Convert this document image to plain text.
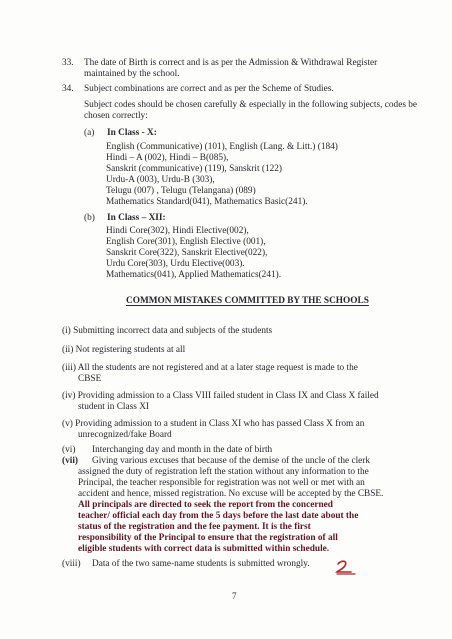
33. The date of Birth is correct and is as per the Admission & Withdrawal Register
maintained by the school.
34. Subject combinations are correct and as per the Scheme of Studies.
Subject codes should be chosen carefully & especially in the following subjects, codes be
chosen correctly:
(a) In Class - X:
English (Communicative) (101), English (Lang. & Litt.) (184)
Hindi – A (002), Hindi – B(085),
Sanskrit (communicative) (119), Sanskrit (122)
Urdu-A (003), Urdu-B (303),
Telugu (007) , Telugu (Telangana) (089)
Mathematics Standard(041), Mathematics Basic(241).
(b) In Class – XII:
Hindi Core(302), Hindi Elective(002),
English Core(301), English Elective (001),
Sanskrit Core(322), Sanskrit Elective(022),
Urdu Core(303), Urdu Elective(003).
Mathematics(041), Applied Mathematics(241).
COMMON MISTAKES COMMITTED BY THE SCHOOLS
(i) Submitting incorrect data and subjects of the students
(ii) Not registering students at all
(iii) All the students are not registered and at a later stage request is made to the
CBSE
(iv) Providing admission to a Class VIII failed student in Class IX and Class X failed
student in Class XI
(v) Providing admission to a student in Class XI who has passed Class X from an
unrecognized/fake Board
(vi) Interchanging day and month in the date of birth
(vii) Giving various excuses that because of the demise of the uncle of the clerk
assigned the duty of registration left the station without any information to the
Principal, the teacher responsible for registration was not well or met with an
accident and hence, missed registration. No excuse will be accepted by the CBSE.
All principals are directed to seek the report from the concerned
teacher/ official each day from the 5 days before the last date about the
status of the registration and the fee payment. It is the first
responsibility of the Principal to ensure that the registration of all
eligible students with correct data is submitted within schedule.
(viii) Data of the two same-name students is submitted wrongly.
7
